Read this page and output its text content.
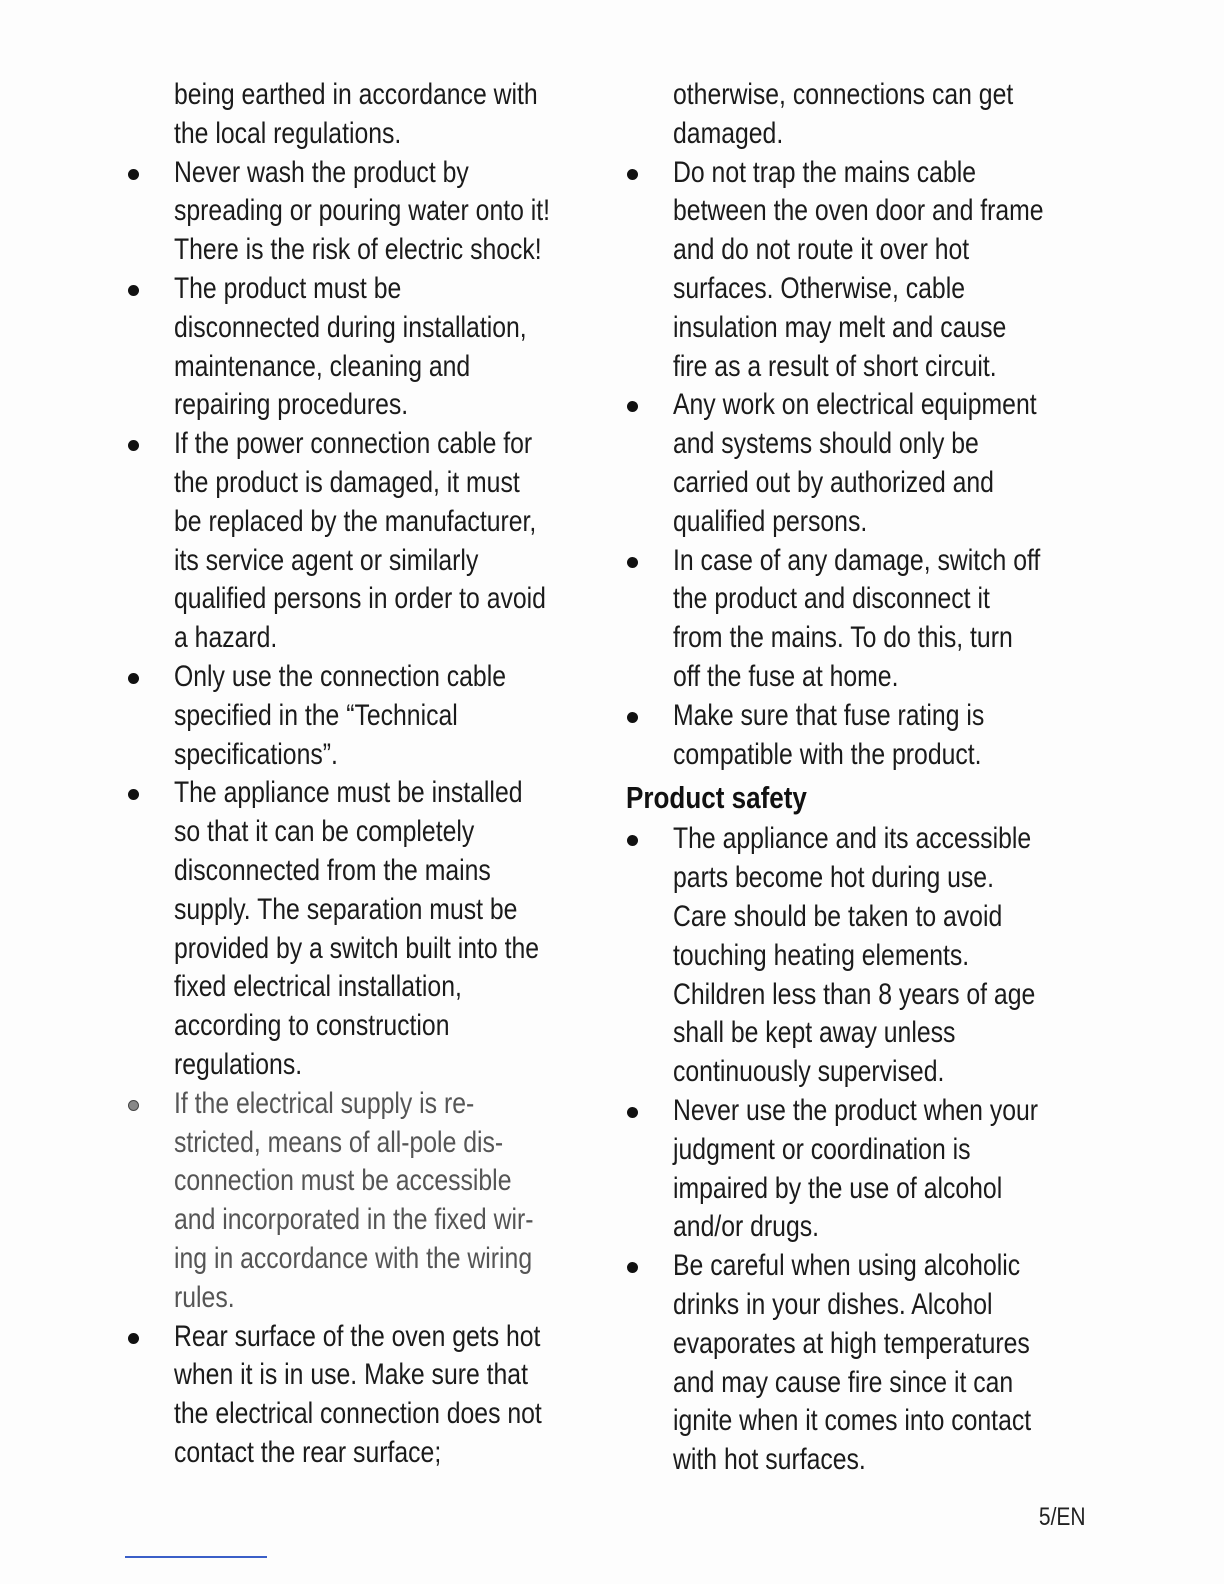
being earthed in accordance with
the local regulations.

Never wash the product by
spreading or pouring water onto it!
There is the risk of electric shock!
The product must be
disconnected during installation,
maintenance, cleaning and
repairing procedures.
If the power connection cable for
the product is damaged, it must
be replaced by the manufacturer,
its service agent or similarly
qualified persons in order to avoid
a hazard.
Only use the connection cable
specified in the “Technical
specifications”.
The appliance must be installed
so that it can be completely
disconnected from the mains
supply. The separation must be
provided by a switch built into the
fixed electrical installation,
according to construction
regulations.
If the electrical supply is re-
stricted, means of all-pole dis-
connection must be accessible
and incorporated in the fixed wir-
ing in accordance with the wiring
rules.
Rear surface of the oven gets hot
when it is in use. Make sure that
the electrical connection does not
contact the rear surface;

otherwise, connections can get
damaged.

Do not trap the mains cable
between the oven door and frame
and do not route it over hot
surfaces. Otherwise, cable
insulation may melt and cause
fire as a result of short circuit.
Any work on electrical equipment
and systems should only be
carried out by authorized and
qualified persons.
In case of any damage, switch off
the product and disconnect it
from the mains. To do this, turn
off the fuse at home.
Make sure that fuse rating is
compatible with the product.
Product safety
The appliance and its accessible
parts become hot during use.
Care should be taken to avoid
touching heating elements.
Children less than 8 years of age
shall be kept away unless
continuously supervised.
Never use the product when your
judgment or coordination is
impaired by the use of alcohol
and/or drugs.
Be careful when using alcoholic
drinks in your dishes. Alcohol
evaporates at high temperatures
and may cause fire since it can
ignite when it comes into contact
with hot surfaces.
5/EN
